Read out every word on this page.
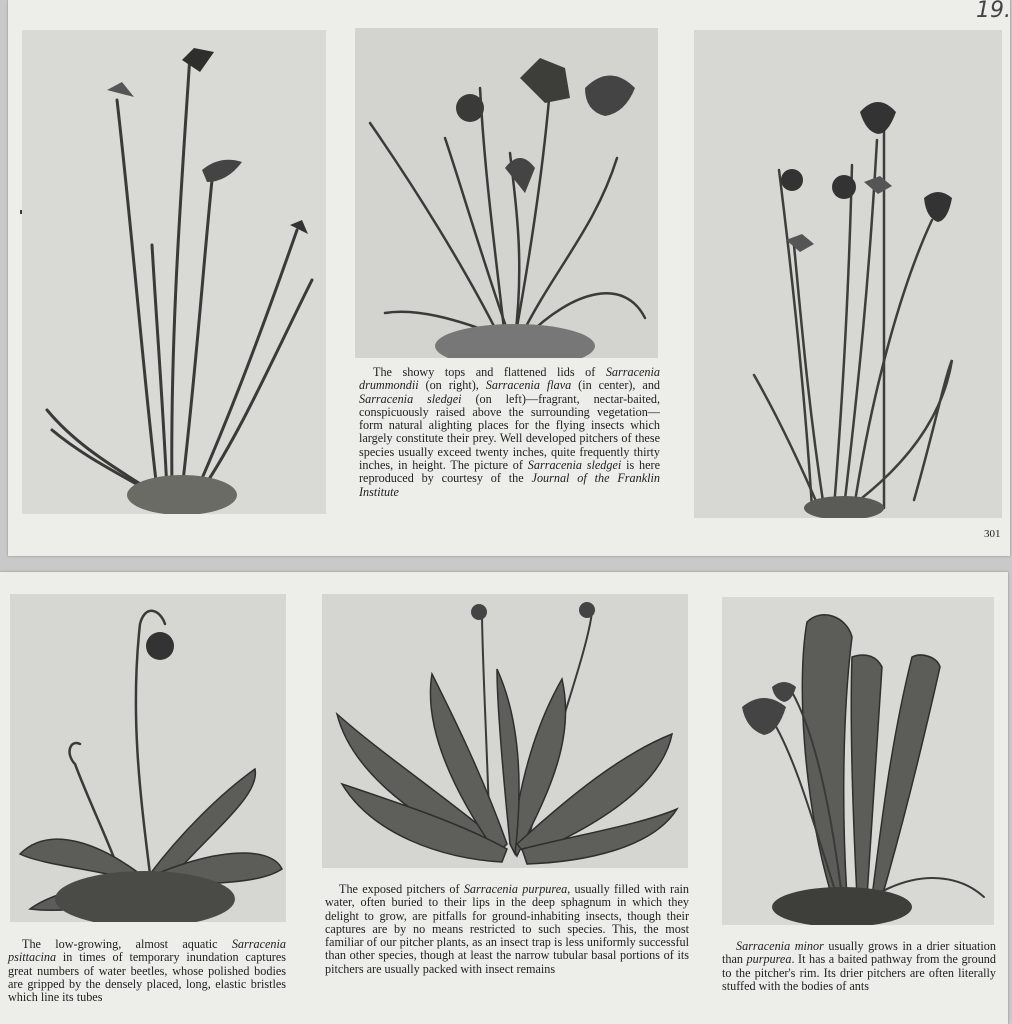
19.

The showy tops and flattened lids of Sarracenia drummondii (on right), Sarracenia flava (in center), and Sarracenia sledgei (on left)—fragrant, nectar-baited, conspicuously raised above the surrounding vegetation—form natural alighting places for the flying insects which largely constitute their prey. Well developed pitchers of these species usually exceed twenty inches, quite frequently thirty inches, in height. The picture of Sarracenia sledgei is here reproduced by courtesy of the Journal of the Franklin Institute

301

The low-growing, almost aquatic Sarracenia psittacina in times of temporary inundation captures great numbers of water beetles, whose polished bodies are gripped by the densely placed, long, elastic bristles which line its tubes

The exposed pitchers of Sarracenia purpurea, usually filled with rain water, often buried to their lips in the deep sphagnum in which they delight to grow, are pitfalls for ground-inhabiting insects, though their captures are by no means restricted to such species. This, the most familiar of our pitcher plants, as an insect trap is less uniformly successful than other species, though at least the narrow tubular basal portions of its pitchers are usually packed with insect remains

Sarracenia minor usually grows in a drier situation than purpurea. It has a baited pathway from the ground to the pitcher's rim. Its drier pitchers are often literally stuffed with the bodies of ants
